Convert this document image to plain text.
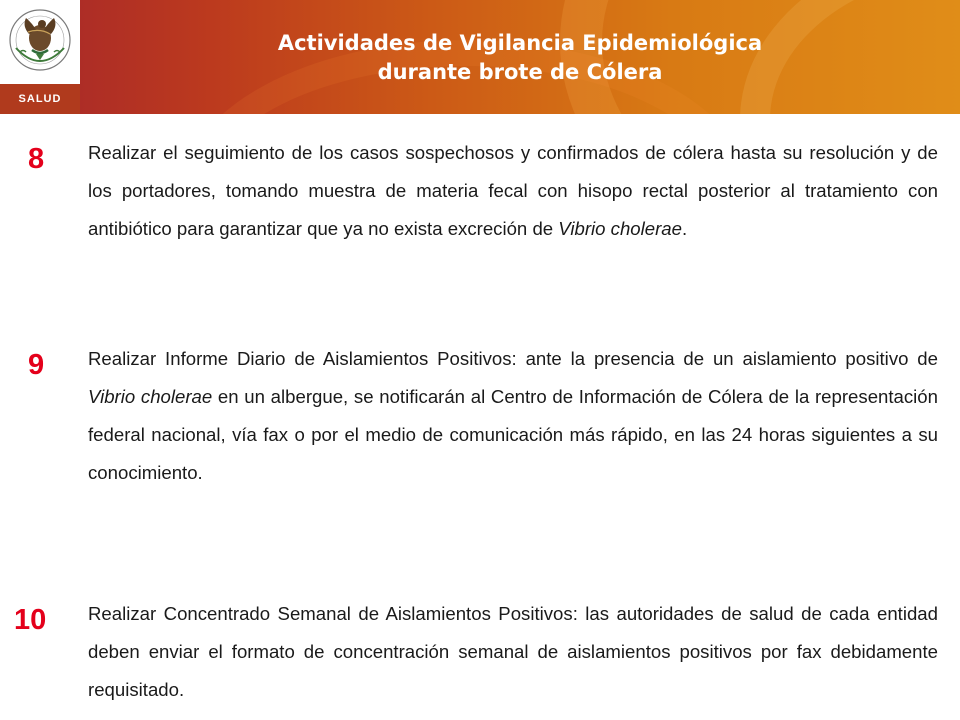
SALUD
Actividades de Vigilancia Epidemiológica
durante brote de Cólera
8 Realizar el seguimiento de los casos sospechosos y confirmados de cólera hasta su resolución y de los portadores, tomando muestra de materia fecal con hisopo rectal posterior al tratamiento con antibiótico para garantizar que ya no exista excreción de Vibrio cholerae.
9 Realizar Informe Diario de Aislamientos Positivos: ante la presencia de un aislamiento positivo de Vibrio cholerae en un albergue, se notificarán al Centro de Información de Cólera de la representación federal nacional, vía fax o por el medio de comunicación más rápido, en las 24 horas siguientes a su conocimiento.
10 Realizar Concentrado Semanal de Aislamientos Positivos: las autoridades de salud de cada entidad deben enviar el formato de concentración semanal de aislamientos positivos por fax debidamente requisitado.
